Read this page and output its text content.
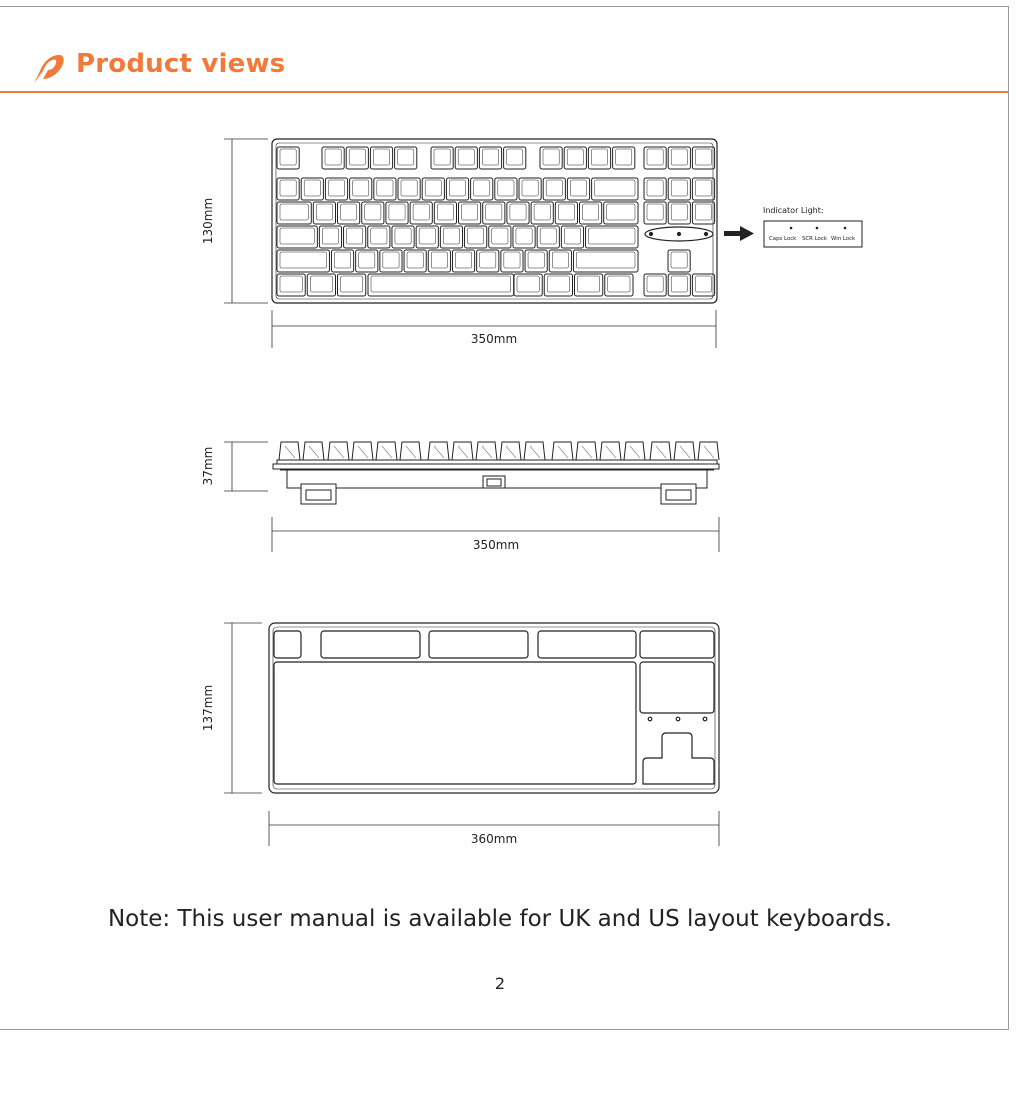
Product views
Indicator Light:
Caps Lock SCR Lock Win Lock
130mm
350mm
37mm
350mm
137mm
360mm
Note: This user manual is available for UK and US layout keyboards.
2
